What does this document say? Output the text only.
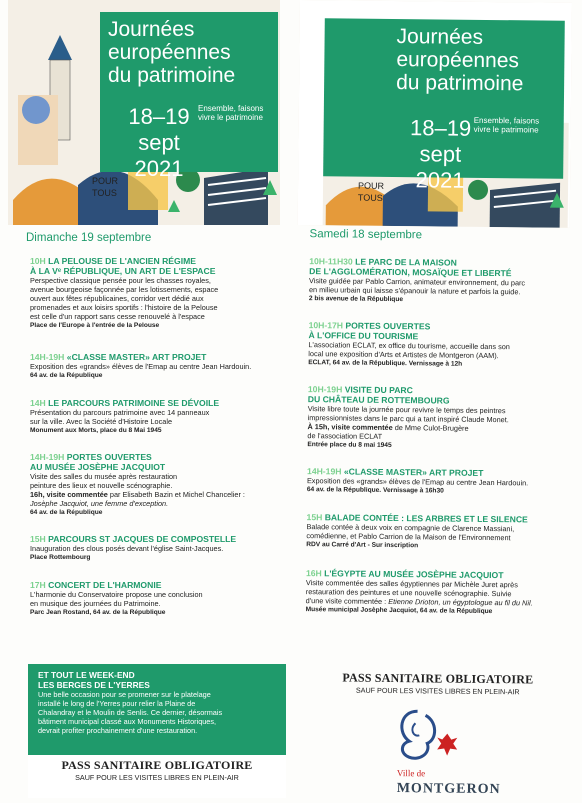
POUR
TOUS
Journées
européennes
du patrimoine
18–19
sept 2021
Ensemble, faisons
vivre le patrimoine
Dimanche 19 septembre
10H LA PELOUSE DE L'ANCIEN RÉGIME
À LA Vᵉ RÉPUBLIQUE, UN ART DE L'ESPACE
Perspective classique pensée pour les chasses royales,
avenue bourgeoise façonnée par les lotissements, espace
ouvert aux fêtes républicaines, corridor vert dédié aux
promenades et aux loisirs sportifs : l'histoire de la Pelouse
est celle d'un rapport sans cesse renouvelé à l'espace
Place de l'Europe à l'entrée de la Pelouse
14H-19H «CLASSE MASTER» ART PROJET
Exposition des «grands» élèves de l'Emap au centre Jean Hardouin.
64 av. de la République
14H LE PARCOURS PATRIMOINE SE DÉVOILE
Présentation du parcours patrimoine avec 14 panneaux
sur la ville. Avec la Société d'Histoire Locale
Monument aux Morts, place du 8 Mai 1945
14H-19H PORTES OUVERTES
AU MUSÉE JOSÈPHE JACQUIOT
Visite des salles du musée après restauration
peinture des lieux et nouvelle scénographie.
16h, visite commentée par Elisabeth Bazin et Michel Chancelier :
Josèphe Jacquiot, une femme d'exception.
64 av. de la République
15H PARCOURS ST JACQUES DE COMPOSTELLE
Inauguration des clous posés devant l'église Saint-Jacques.
Place Rottembourg
17H CONCERT DE L'HARMONIE
L'harmonie du Conservatoire propose une conclusion
en musique des journées du Patrimoine.
Parc Jean Rostand, 64 av. de la République
ET TOUT LE WEEK-END
LES BERGES DE L'YERRES
Une belle occasion pour se promener sur le platelage
installé le long de l'Yerres pour relier la Plaine de
Chalandray et le Moulin de Senlis. Ce dernier, désormais
bâtiment municipal classé aux Monuments Historiques,
devrait profiter prochainement d'une restauration.
PASS SANITAIRE OBLIGATOIRE
SAUF POUR LES VISITES LIBRES EN PLEIN-AIR
POUR
TOUS
Journées
européennes
du patrimoine
18–19
sept 2021
Ensemble, faisons
vivre le patrimoine
Samedi 18 septembre
10H-11H30 LE PARC DE LA MAISON
DE L'AGGLOMÉRATION, MOSAÏQUE ET LIBERTÉ
Visite guidée par Pablo Carrion, animateur environnement, du parc
en milieu urbain qui laisse s'épanouir la nature et parfois la guide.
2 bis avenue de la République
10H-17H PORTES OUVERTES
À L'OFFICE DU TOURISME
L'association ECLAT, ex office du tourisme, accueille dans son
local une exposition d'Arts et Artistes de Montgeron (AAM).
ECLAT, 64 av. de la République. Vernissage à 12h
10H-19H VISITE DU PARC
DU CHÂTEAU DE ROTTEMBOURG
Visite libre toute la journée pour revivre le temps des peintres
impressionnistes dans le parc qui a tant inspiré Claude Monet.
À 15h, visite commentée de Mme Culot-Brugère
de l'association ECLAT
Entrée place du 8 mai 1945
14H-19H «CLASSE MASTER» ART PROJET
Exposition des «grands» élèves de l'Emap au centre Jean Hardouin.
64 av. de la République. Vernissage à 16h30
15H BALADE CONTÉE : LES ARBRES ET LE SILENCE
Balade contée à deux voix en compagnie de Clarence Massiani,
comédienne, et Pablo Carrion de la Maison de l'Environnement
RDV au Carré d'Art - Sur inscription
16H L'ÉGYPTE AU MUSÉE JOSÈPHE JACQUIOT
Visite commentée des salles égyptiennes par Michèle Juret après
restauration des peintures et une nouvelle scénographie. Suivie
d'une visite commentée : Etienne Drioton, un égyptologue au fil du Nil.
Musée municipal Josèphe Jacquiot, 64 av. de la République
PASS SANITAIRE OBLIGATOIRE
SAUF POUR LES VISITES LIBRES EN PLEIN-AIR
Ville de
MONTGERON
